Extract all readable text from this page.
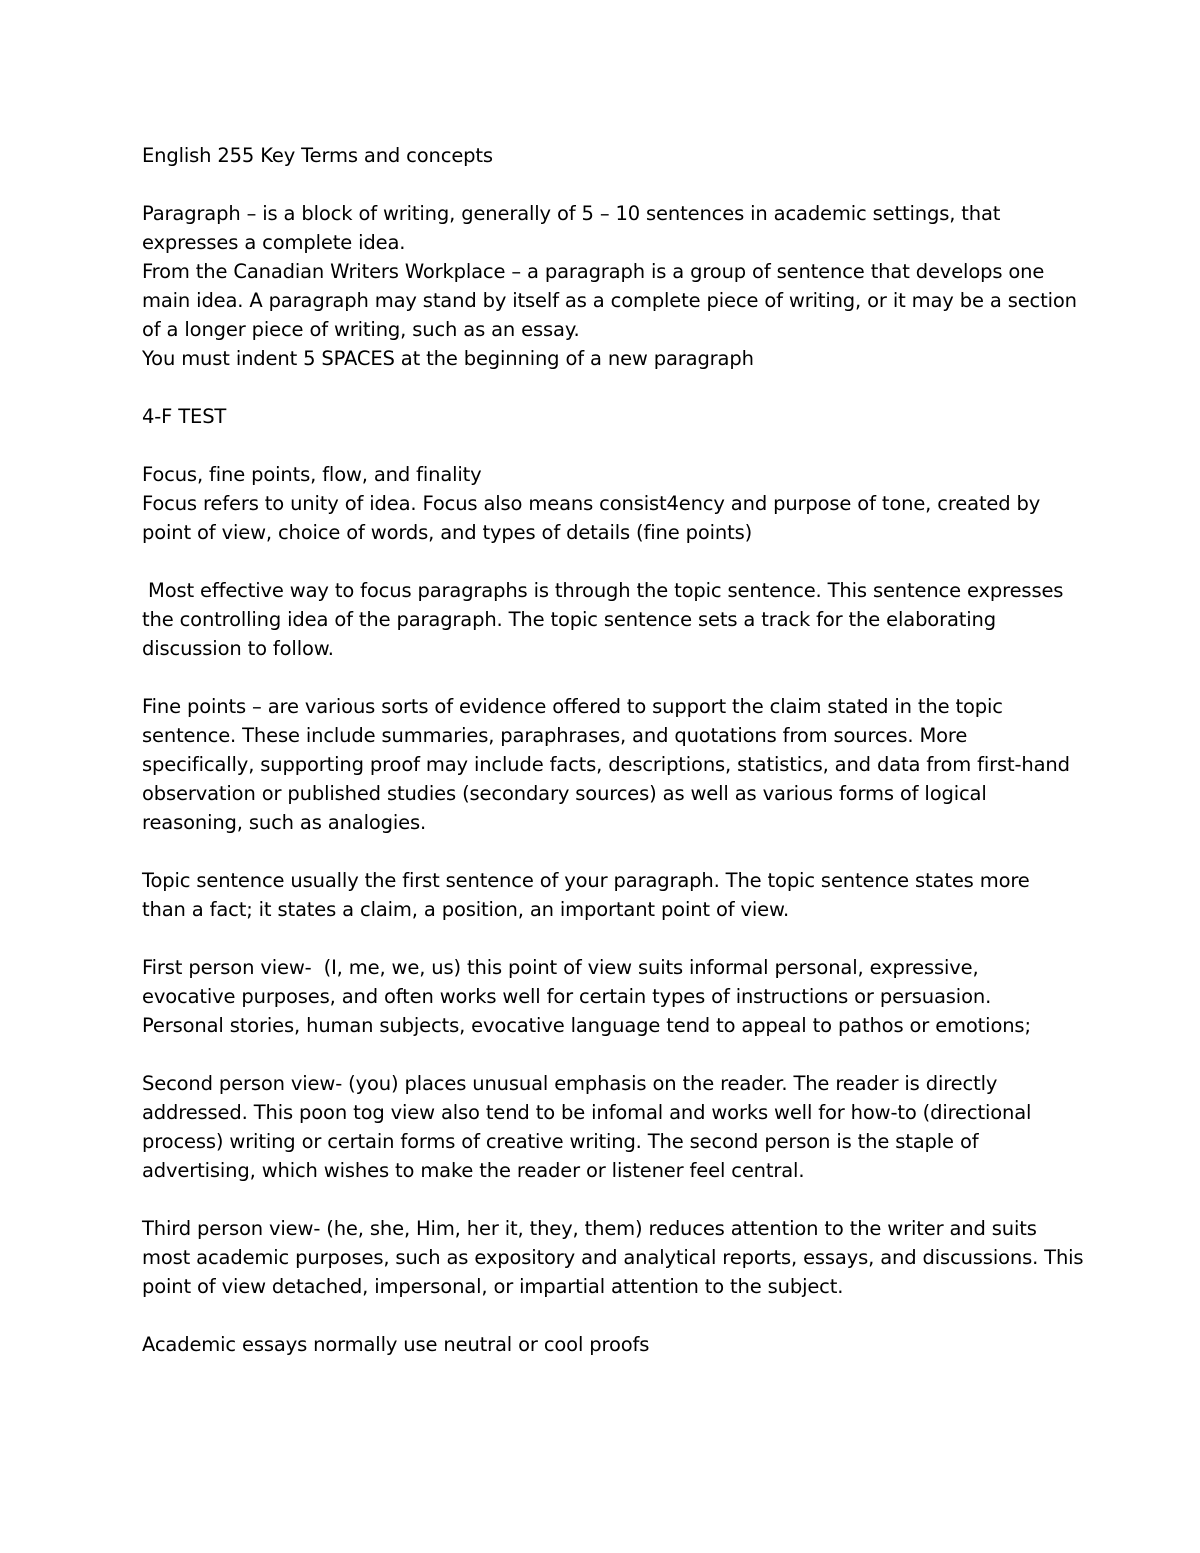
English 255 Key Terms and concepts
Paragraph – is a block of writing, generally of 5 – 10 sentences in academic settings, that
expresses a complete idea.
From the Canadian Writers Workplace – a paragraph is a group of sentence that develops one
main idea. A paragraph may stand by itself as a complete piece of writing, or it may be a section
of a longer piece of writing, such as an essay.
You must indent 5 SPACES at the beginning of a new paragraph
4-F TEST
Focus, fine points, flow, and finality
Focus refers to unity of idea. Focus also means consist4ency and purpose of tone, created by
point of view, choice of words, and types of details (fine points)
Most effective way to focus paragraphs is through the topic sentence. This sentence expresses
the controlling idea of the paragraph. The topic sentence sets a track for the elaborating
discussion to follow.
Fine points – are various sorts of evidence offered to support the claim stated in the topic
sentence. These include summaries, paraphrases, and quotations from sources. More
specifically, supporting proof may include facts, descriptions, statistics, and data from first-hand
observation or published studies (secondary sources) as well as various forms of logical
reasoning, such as analogies.
Topic sentence usually the first sentence of your paragraph. The topic sentence states more
than a fact; it states a claim, a position, an important point of view.
First person view-  (I, me, we, us) this point of view suits informal personal, expressive,
evocative purposes, and often works well for certain types of instructions or persuasion.
Personal stories, human subjects, evocative language tend to appeal to pathos or emotions;
Second person view- (you) places unusual emphasis on the reader. The reader is directly
addressed. This poon tog view also tend to be infomal and works well for how-to (directional
process) writing or certain forms of creative writing. The second person is the staple of
advertising, which wishes to make the reader or listener feel central.
Third person view- (he, she, Him, her it, they, them) reduces attention to the writer and suits
most academic purposes, such as expository and analytical reports, essays, and discussions. This
point of view detached, impersonal, or impartial attention to the subject.
Academic essays normally use neutral or cool proofs
